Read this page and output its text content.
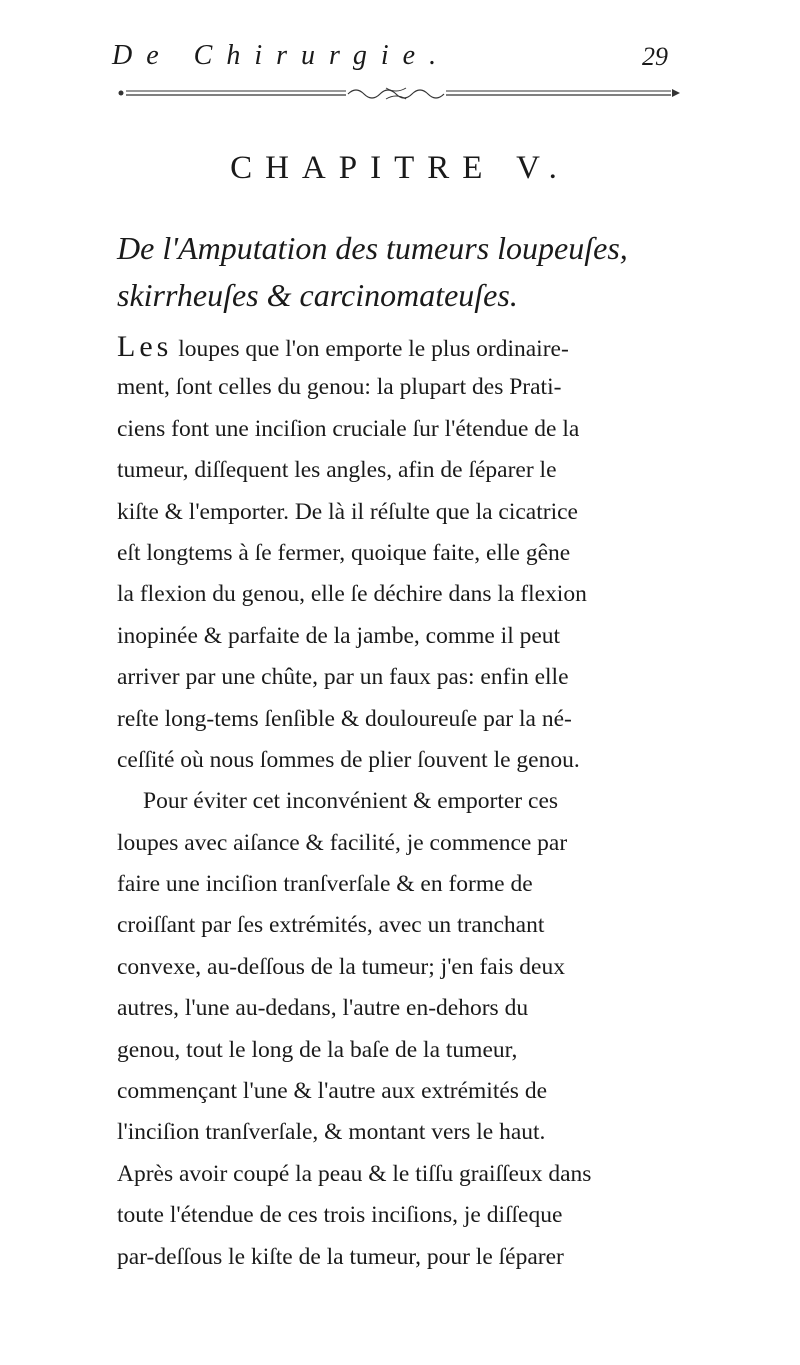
De Chirurgie.	29
CHAPITRE V.
De l'Amputation des tumeurs loupeuſes,
skirrheuſes & carcinomateuſes.
Les loupes que l'on emporte le plus ordinaire-
ment, ſont celles du genou: la plupart des Prati-
ciens font une inciſion cruciale ſur l'étendue de la
tumeur, diſſequent les angles, afin de ſéparer le
kiſte & l'emporter. De là il réſulte que la cicatrice
eſt longtems à ſe fermer, quoique faite, elle gêne
la flexion du genou, elle ſe déchire dans la flexion
inopinée & parfaite de la jambe, comme il peut
arriver par une chûte, par un faux pas: enfin elle
reſte long-tems ſenſible & douloureuſe par la né-
ceſſité où nous ſommes de plier ſouvent le genou.
Pour éviter cet inconvénient & emporter ces
loupes avec aiſance & facilité, je commence par
faire une inciſion tranſverſale & en forme de
croiſſant par ſes extrémités, avec un tranchant
convexe, au-deſſous de la tumeur; j'en fais deux
autres, l'une au-dedans, l'autre en-dehors du
genou, tout le long de la baſe de la tumeur,
commençant l'une & l'autre aux extrémités de
l'inciſion tranſverſale, & montant vers le haut.
Après avoir coupé la peau & le tiſſu graiſſeux dans
toute l'étendue de ces trois inciſions, je diſſeque
par-deſſous le kiſte de la tumeur, pour le ſéparer
